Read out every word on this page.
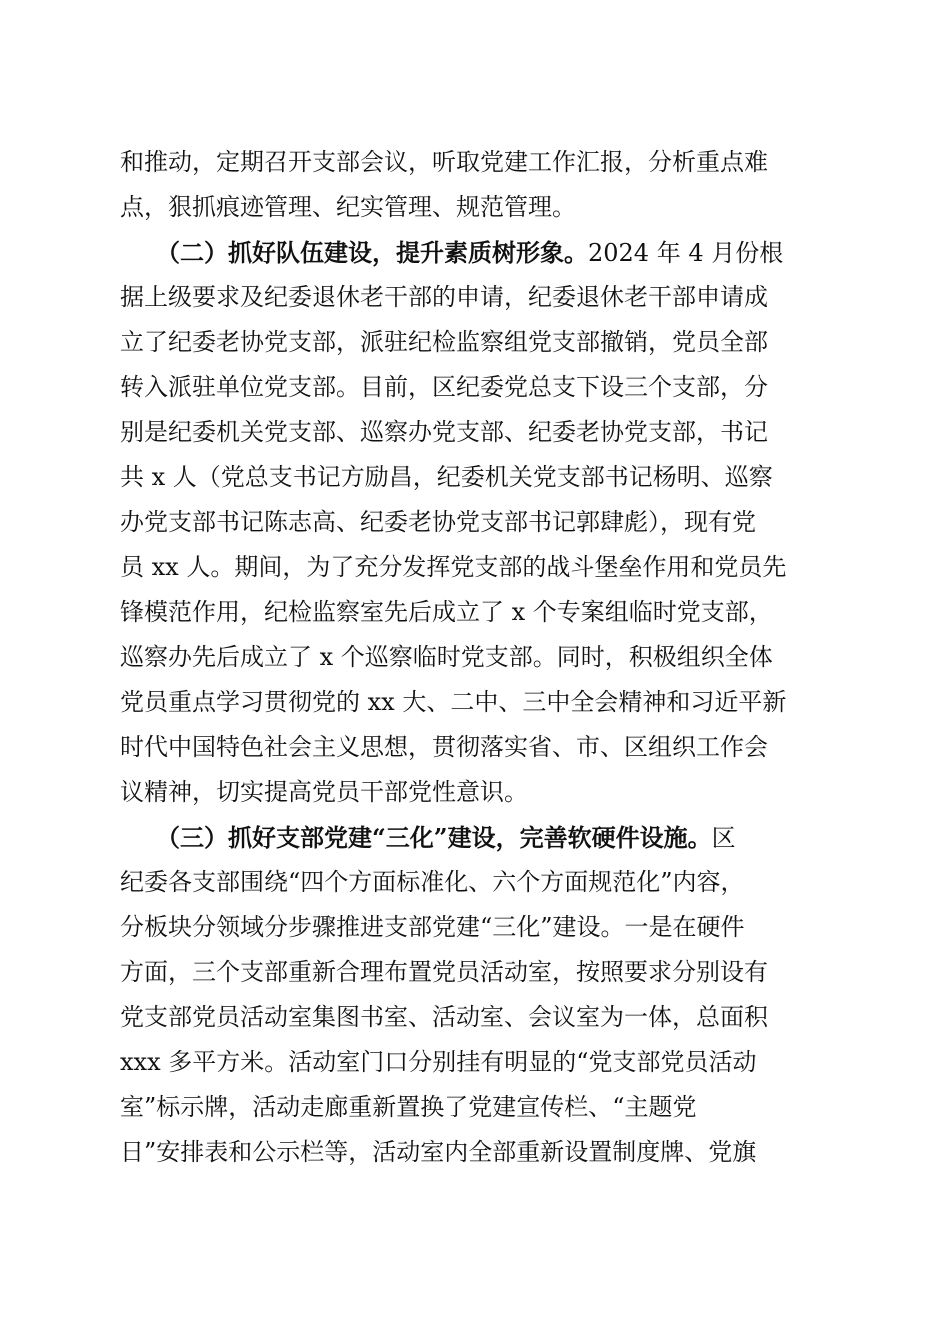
和推动，定期召开支部会议，听取党建工作汇报，分析重点难
点，狠抓痕迹管理、纪实管理、规范管理。
　　（二）抓好队伍建设，提升素质树形象。2024 年 4 月份根
据上级要求及纪委退休老干部的申请，纪委退休老干部申请成
立了纪委老协党支部，派驻纪检监察组党支部撤销，党员全部
转入派驻单位党支部。目前，区纪委党总支下设三个支部，分
别是纪委机关党支部、巡察办党支部、纪委老协党支部，书记
共 x 人（党总支书记方励昌，纪委机关党支部书记杨明、巡察
办党支部书记陈志高、纪委老协党支部书记郭肆彪），现有党
员 xx 人。期间，为了充分发挥党支部的战斗堡垒作用和党员先
锋模范作用，纪检监察室先后成立了 x 个专案组临时党支部，
巡察办先后成立了 x 个巡察临时党支部。同时，积极组织全体
党员重点学习贯彻党的 xx 大、二中、三中全会精神和习近平新
时代中国特色社会主义思想，贯彻落实省、市、区组织工作会
议精神，切实提高党员干部党性意识。
　　（三）抓好支部党建“三化”建设，完善软硬件设施。区
纪委各支部围绕“四个方面标准化、六个方面规范化”内容，
分板块分领域分步骤推进支部党建“三化”建设。一是在硬件
方面，三个支部重新合理布置党员活动室，按照要求分别设有
党支部党员活动室集图书室、活动室、会议室为一体，总面积
xxx 多平方米。活动室门口分别挂有明显的“党支部党员活动
室”标示牌，活动走廊重新置换了党建宣传栏、“主题党
日”安排表和公示栏等，活动室内全部重新设置制度牌、党旗
